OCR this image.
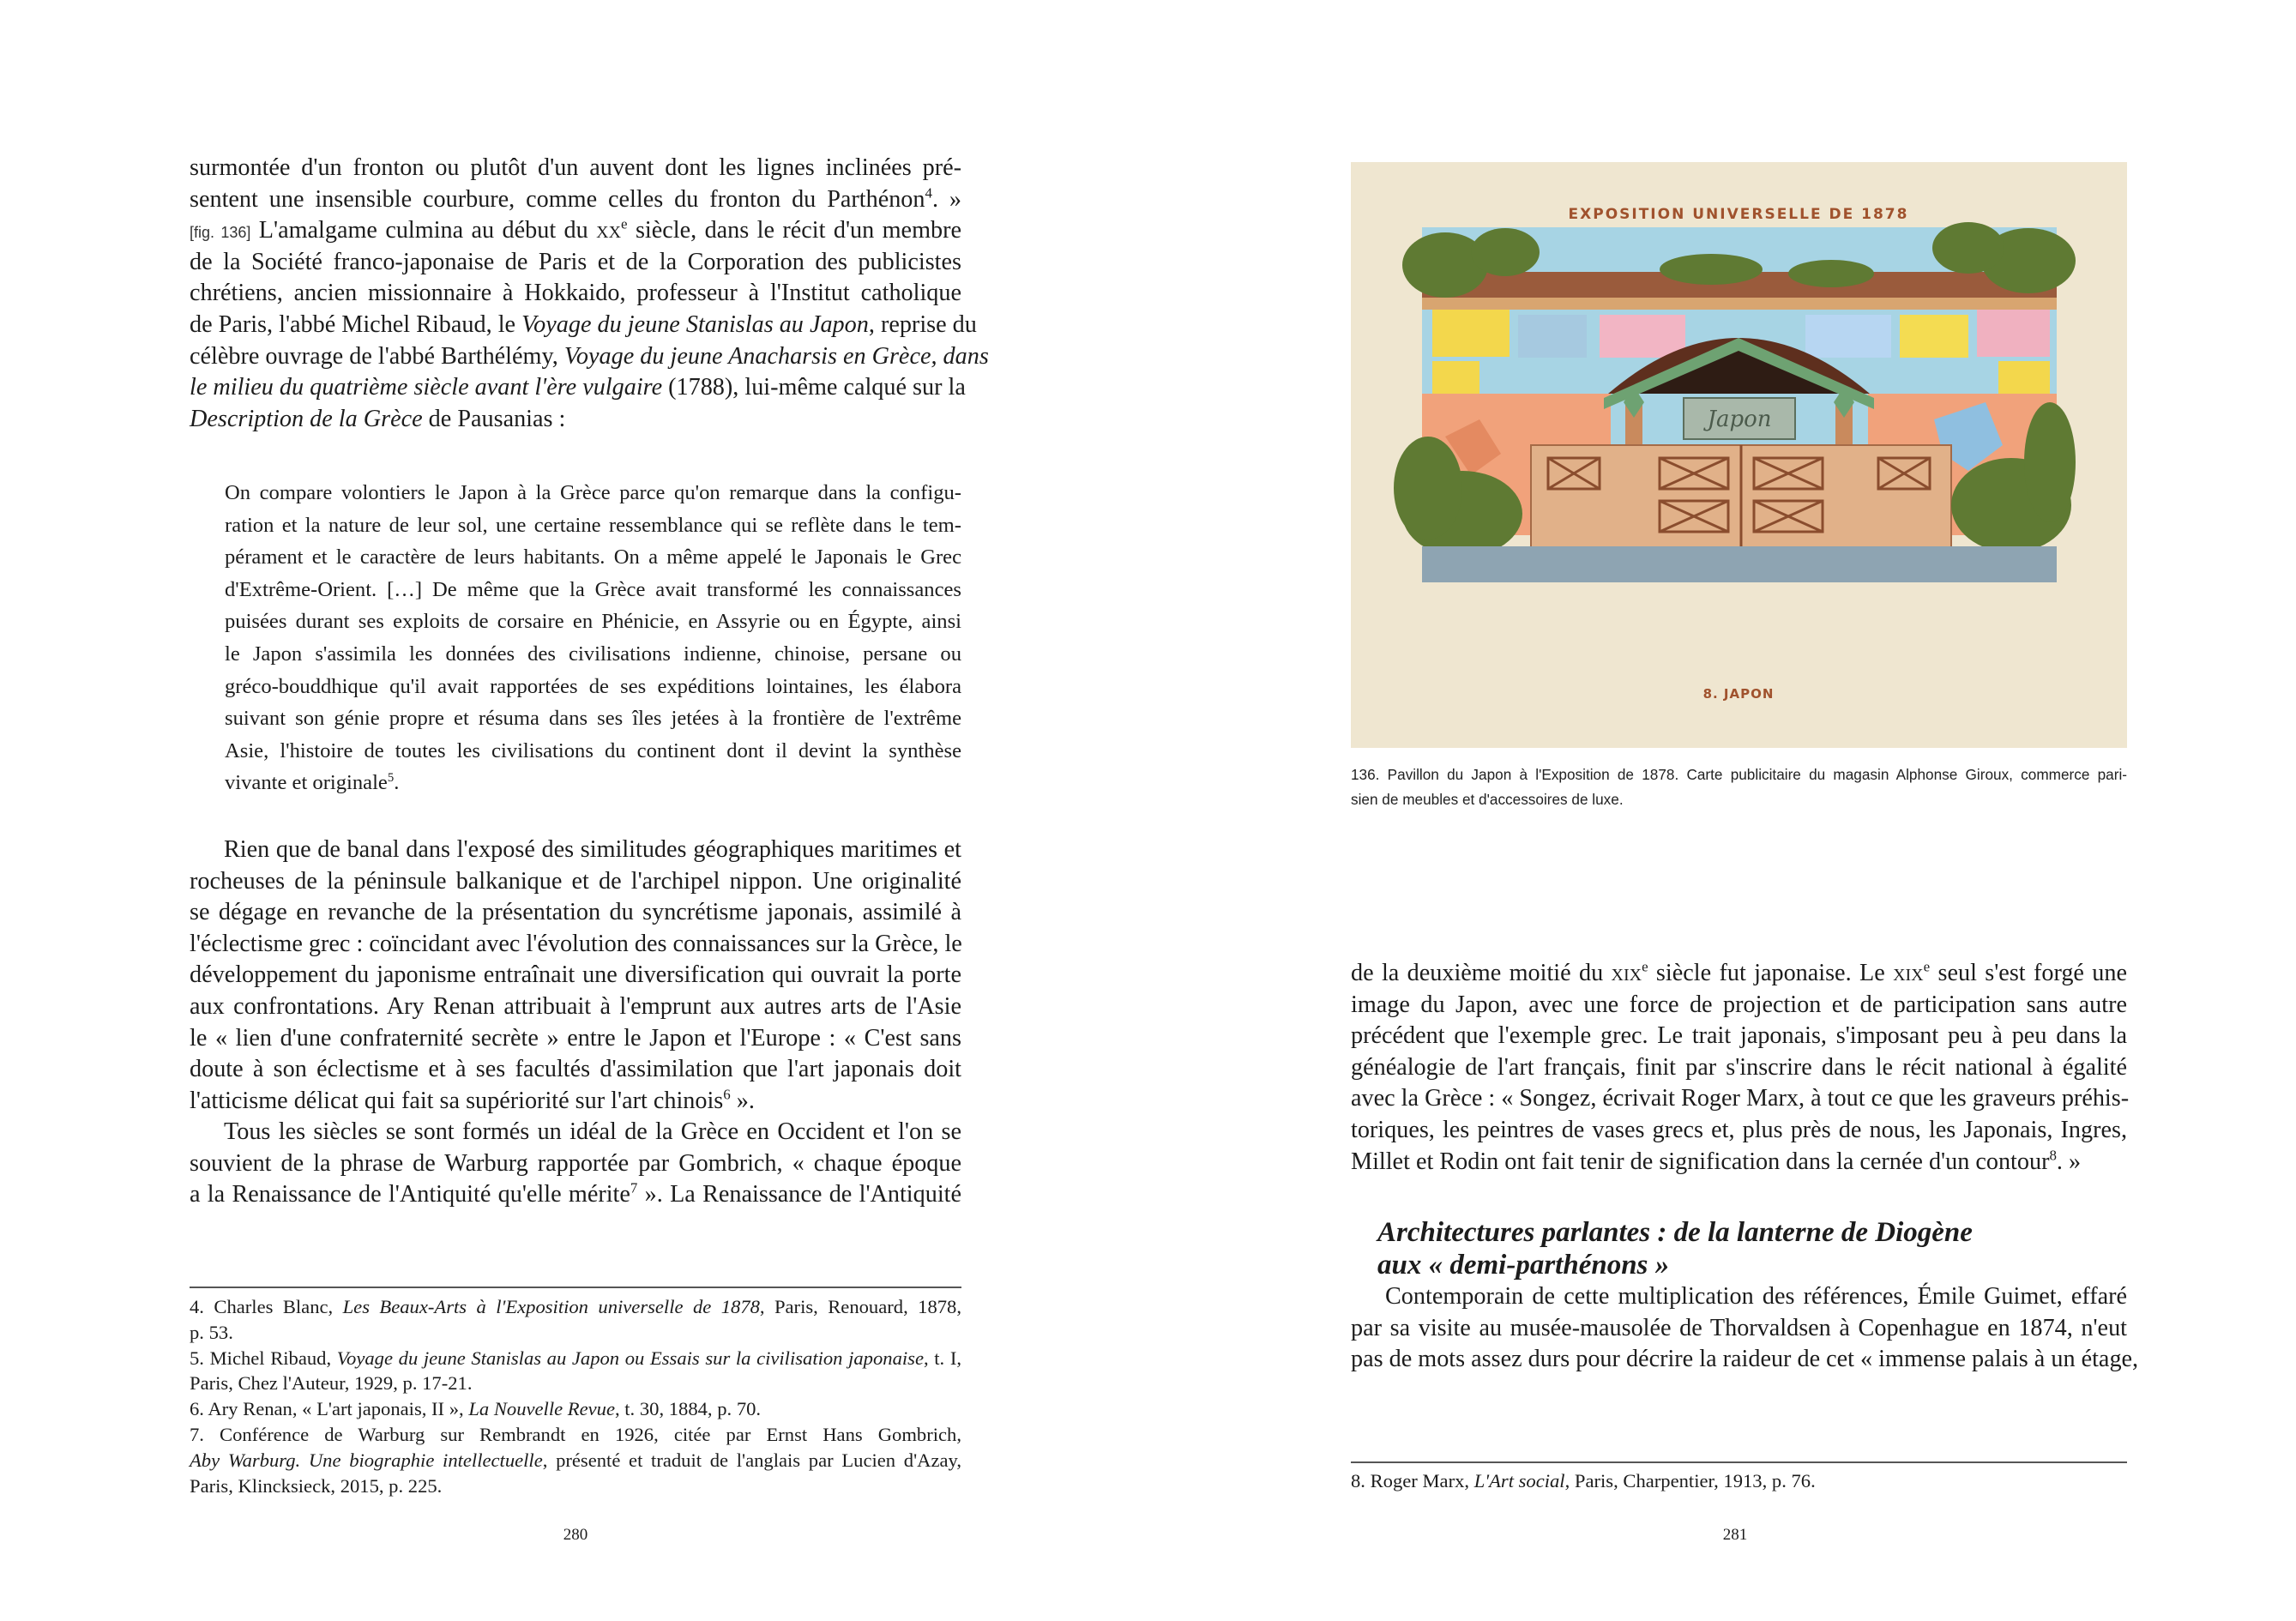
surmontée d'un fronton ou plutôt d'un auvent dont les lignes inclinées pré-
sentent une insensible courbure, comme celles du fronton du Parthénon$^4$. »
[fig. 136] L'amalgame culmina au début du $xx^e$ siècle, dans le récit d'un membre
de la Société franco-japonaise de Paris et de la Corporation des publicistes
chrétiens, ancien missionnaire à Hokkaido, professeur à l'Institut catholique
de Paris, l'abbé Michel Ribaud, le Voyage du jeune Stanislas au Japon, reprise du
célèbre ouvrage de l'abbé Barthélémy, Voyage du jeune Anacharsis en Grèce, dans
le milieu du quatrième siècle avant l'ère vulgaire (1788), lui-même calqué sur la
Description de la Grèce de Pausanias :
On compare volontiers le Japon à la Grèce parce qu'on remarque dans la configu-
ration et la nature de leur sol, une certaine ressemblance qui se reflète dans le tem-
pérament et le caractère de leurs habitants. On a même appelé le Japonais le Grec
d'Extrême-Orient. […] De même que la Grèce avait transformé les connaissances
puisées durant ses exploits de corsaire en Phénicie, en Assyrie ou en Égypte, ainsi
le Japon s'assimila les données des civilisations indienne, chinoise, persane ou
gréco-bouddhique qu'il avait rapportées de ses expéditions lointaines, les élabora
suivant son génie propre et résuma dans ses îles jetées à la frontière de l'extrême
Asie, l'histoire de toutes les civilisations du continent dont il devint la synthèse
vivante et originale$^5$.
Rien que de banal dans l'exposé des similitudes géographiques maritimes et
rocheuses de la péninsule balkanique et de l'archipel nippon. Une originalité
se dégage en revanche de la présentation du syncrétisme japonais, assimilé à
l'éclectisme grec : coïncidant avec l'évolution des connaissances sur la Grèce, le
développement du japonisme entraînait une diversification qui ouvrait la porte
aux confrontations. Ary Renan attribuait à l'emprunt aux autres arts de l'Asie
le « lien d'une confraternité secrète » entre le Japon et l'Europe : « C'est sans
doute à son éclectisme et à ses facultés d'assimilation que l'art japonais doit
l'atticisme délicat qui fait sa supériorité sur l'art chinois$^6$ ».
Tous les siècles se sont formés un idéal de la Grèce en Occident et l'on se
souvient de la phrase de Warburg rapportée par Gombrich, « chaque époque
a la Renaissance de l'Antiquité qu'elle mérite$^7$ ». La Renaissance de l'Antiquité
4. Charles Blanc, Les Beaux-Arts à l'Exposition universelle de 1878, Paris, Renouard, 1878,
p. 53.
5. Michel Ribaud, Voyage du jeune Stanislas au Japon ou Essais sur la civilisation japonaise, t. I,
Paris, Chez l'Auteur, 1929, p. 17-21.
6. Ary Renan, « L'art japonais, II », La Nouvelle Revue, t. 30, 1884, p. 70.
7. Conférence de Warburg sur Rembrandt en 1926, citée par Ernst Hans Gombrich,
Aby Warburg. Une biographie intellectuelle, présenté et traduit de l'anglais par Lucien d'Azay,
Paris, Klincksieck, 2015, p. 225.
280
EXPOSITION UNIVERSELLE DE 1878
Japon
8. JAPON
136. Pavillon du Japon à l'Exposition de 1878. Carte publicitaire du magasin Alphonse Giroux, commerce pari-
sien de meubles et d'accessoires de luxe.
de la deuxième moitié du xix$^e$ siècle fut japonaise. Le xix$^e$ seul s'est forgé une
image du Japon, avec une force de projection et de participation sans autre
précédent que l'exemple grec. Le trait japonais, s'imposant peu à peu dans la
généalogie de l'art français, finit par s'inscrire dans le récit national à égalité
avec la Grèce : « Songez, écrivait Roger Marx, à tout ce que les graveurs préhis-
toriques, les peintres de vases grecs et, plus près de nous, les Japonais, Ingres,
Millet et Rodin ont fait tenir de signification dans la cernée d'un contour$^8$. »
Architectures parlantes : de la lanterne de Diogène
aux « demi-parthénons »
Contemporain de cette multiplication des références, Émile Guimet, effaré
par sa visite au musée-mausolée de Thorvaldsen à Copenhague en 1874, n'eut
pas de mots assez durs pour décrire la raideur de cet « immense palais à un étage,
8. Roger Marx, L'Art social, Paris, Charpentier, 1913, p. 76.
281
